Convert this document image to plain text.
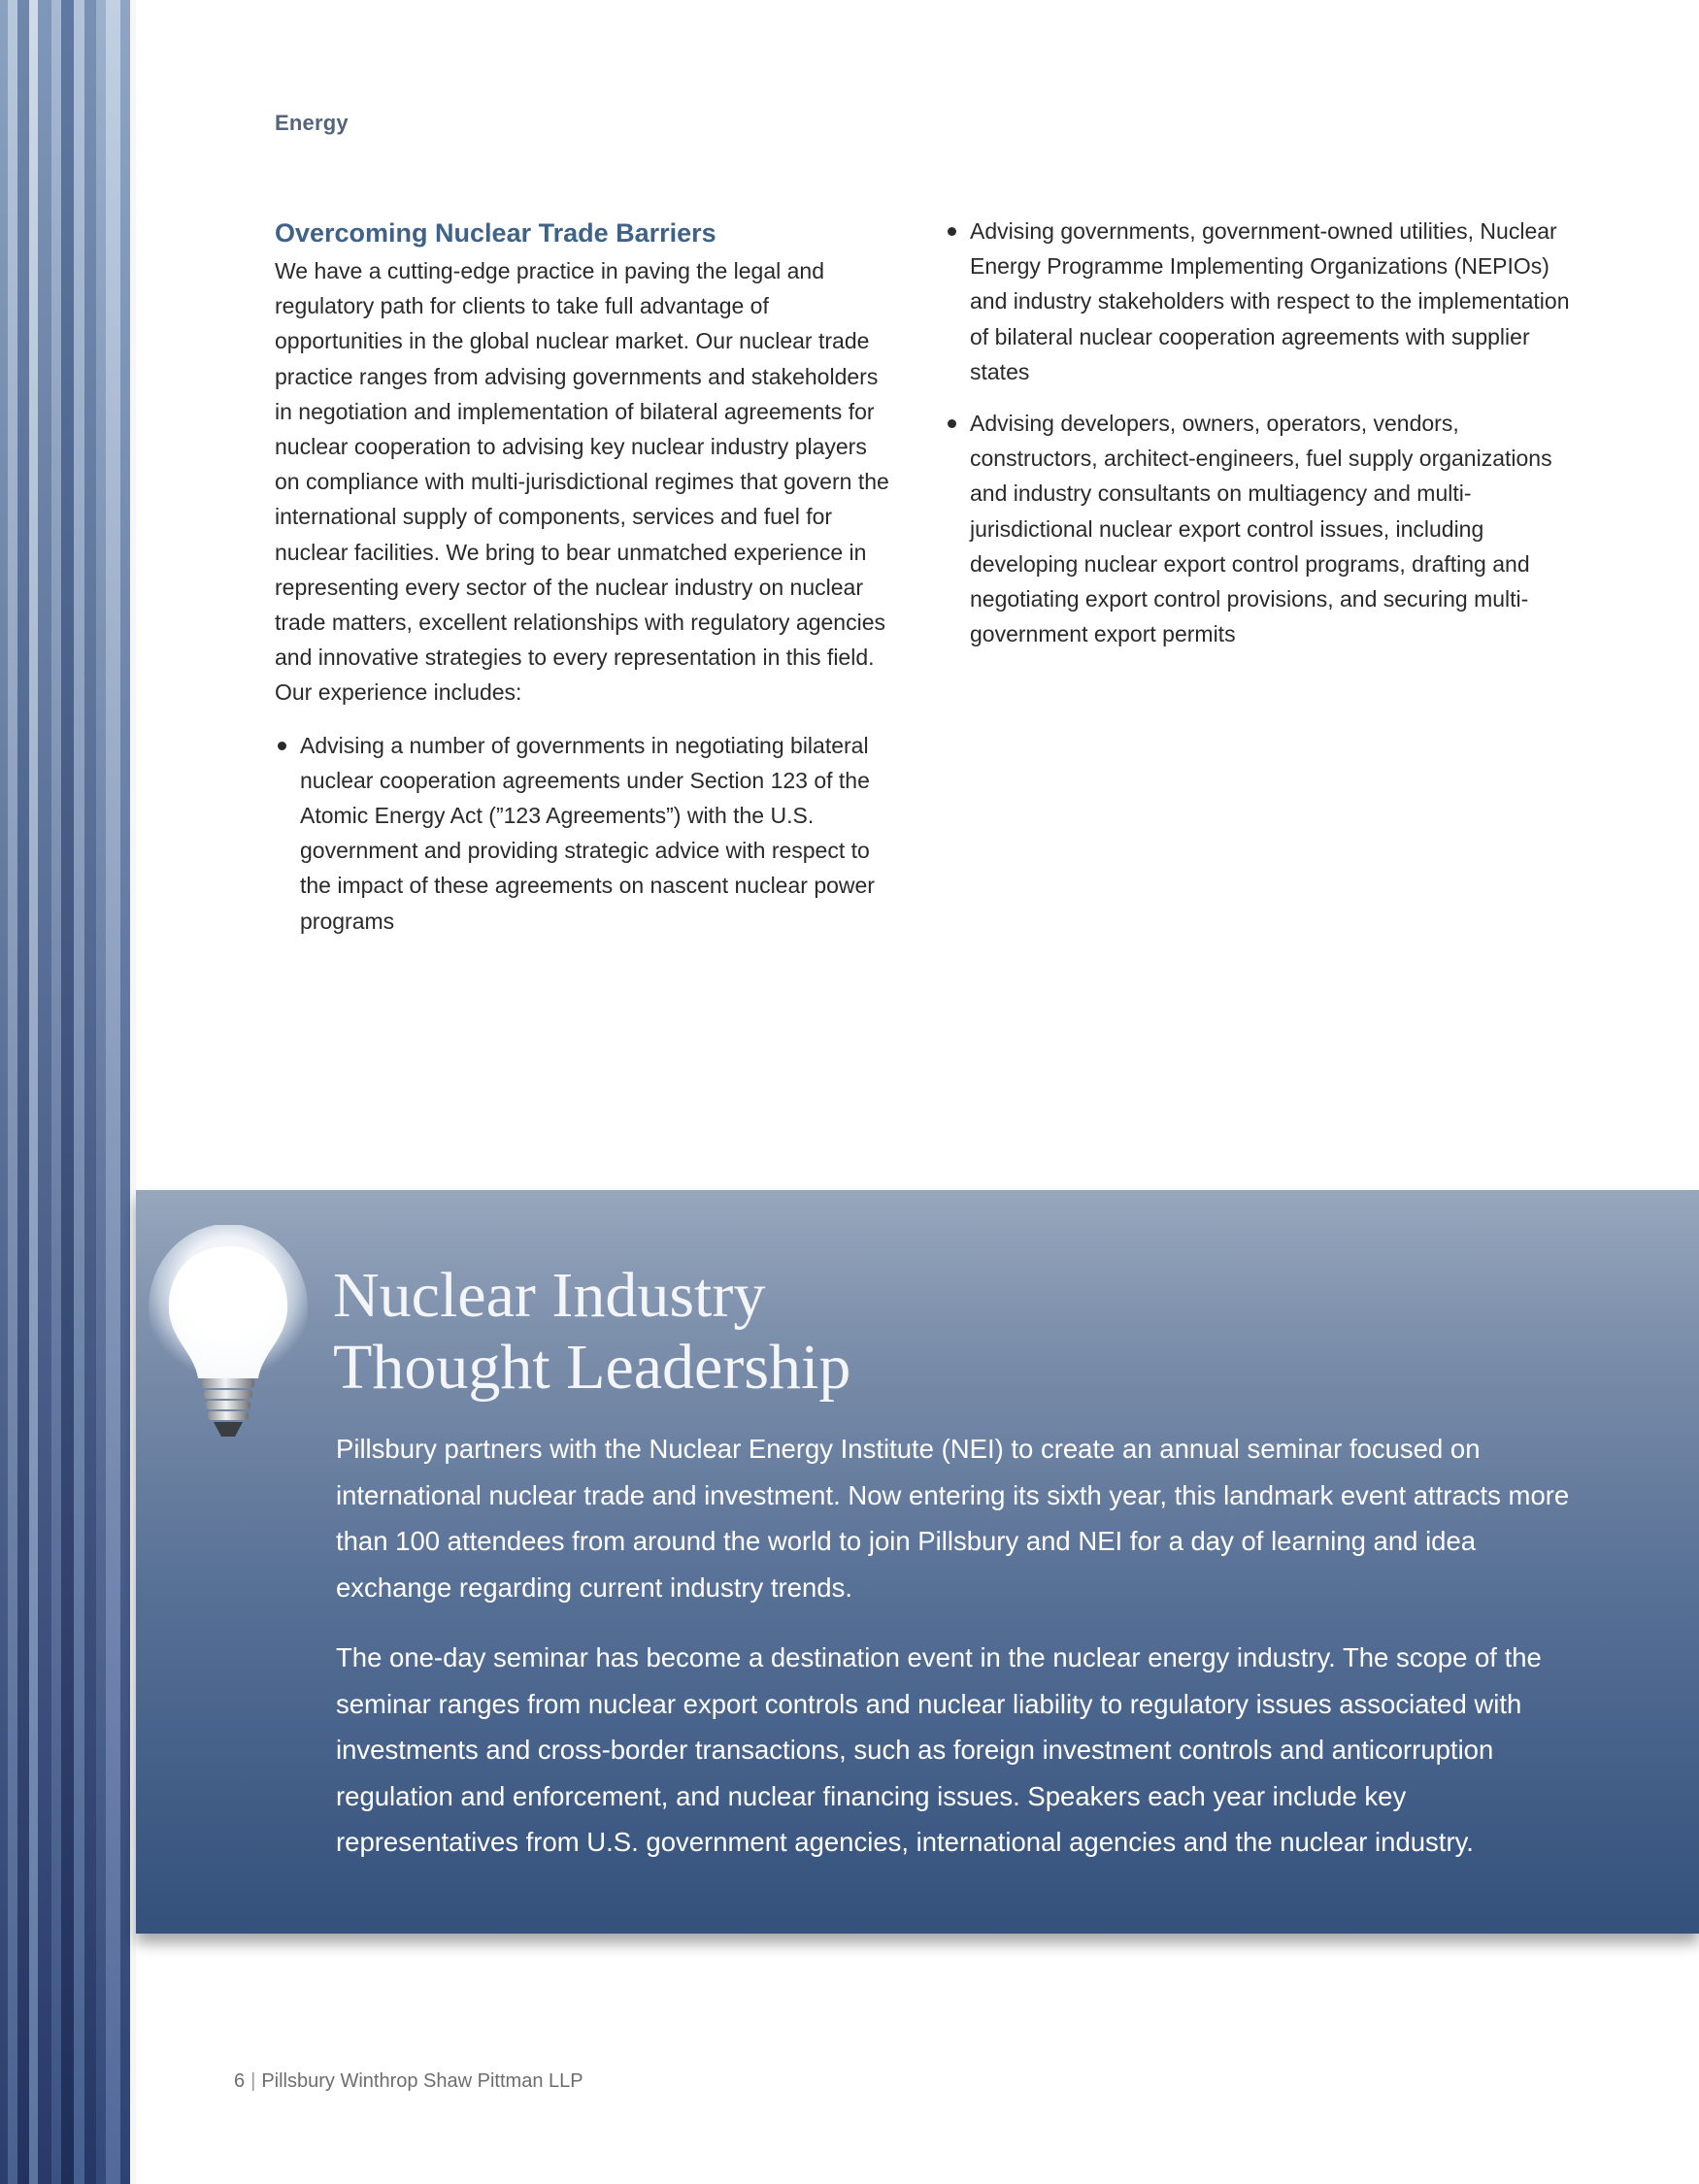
Energy
Overcoming Nuclear Trade Barriers

We have a cutting-edge practice in paving the legal and regulatory path for clients to take full advantage of opportunities in the global nuclear market. Our nuclear trade practice ranges from advising governments and stakeholders in negotiation and implementation of bilateral agreements for nuclear cooperation to advising key nuclear industry players on compliance with multi-jurisdictional regimes that govern the international supply of components, services and fuel for nuclear facilities. We bring to bear unmatched experience in representing every sector of the nuclear industry on nuclear trade matters, excellent relationships with regulatory agencies and innovative strategies to every representation in this field. Our experience includes:

Advising a number of governments in negotiating bilateral nuclear cooperation agreements under Section 123 of the Atomic Energy Act (”123 Agreements”) with the U.S. government and providing strategic advice with respect to the impact of these agreements on nascent nuclear power programs
Advising governments, government-owned utilities, Nuclear Energy Programme Implementing Organizations (NEPIOs) and industry stakeholders with respect to the implementation of bilateral nuclear cooperation agreements with supplier states
Advising developers, owners, operators, vendors, constructors, architect-engineers, fuel supply organizations and industry consultants on multiagency and multi-jurisdictional nuclear export control issues, including developing nuclear export control programs, drafting and negotiating export control provisions, and securing multi-government export permits
Nuclear Industry
Thought Leadership

Pillsbury partners with the Nuclear Energy Institute (NEI) to create an annual seminar focused on international nuclear trade and investment. Now entering its sixth year, this landmark event attracts more than 100 attendees from around the world to join Pillsbury and NEI for a day of learning and idea exchange regarding current industry trends.

The one-day seminar has become a destination event in the nuclear energy industry. The scope of the seminar ranges from nuclear export controls and nuclear liability to regulatory issues associated with investments and cross-border transactions, such as foreign investment controls and anticorruption regulation and enforcement, and nuclear financing issues. Speakers each year include key representatives from U.S. government agencies, international agencies and the nuclear industry.

6 | Pillsbury Winthrop Shaw Pittman LLP
